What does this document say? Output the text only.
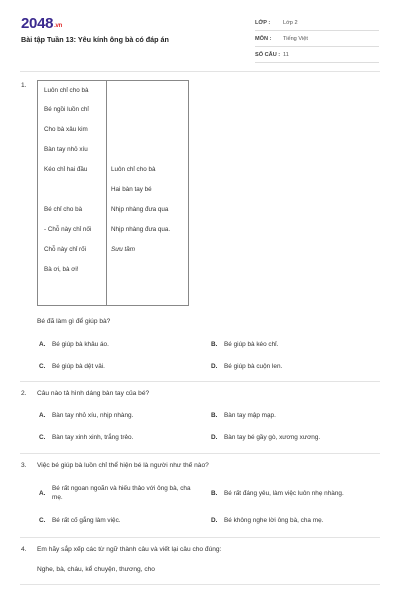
2048.vn
Bài tập Tuần 13: Yêu kính ông bà có đáp án
LỚP :	Lớp 2
MÔN :	Tiếng Việt
SỐ CÂU : 11
1.
Luôn chỉ cho bà
Bé ngồi luồn chỉ
Cho bà xâu kim
Bàn tay nhỏ xíu
Kéo chỉ hai đầu
Bé chỉ cho bà
- Chỗ này chỉ nối
Chỗ này chỉ rối
Bà ơi, bà ơi!
Luôn chỉ cho bà
Hai bàn tay bé
Nhịp nhàng đưa qua
Nhịp nhàng đưa qua.
Sưu tầm
Bé đã làm gì để giúp bà?
A.	Bé giúp bà khâu áo.	B.	Bé giúp bà kéo chỉ.
C.	Bé giúp bà dệt vải.	D.	Bé giúp bà cuộn len.
2. Câu nào tả hình dáng bàn tay của bé?
A.	Bàn tay nhỏ xíu, nhịp nhàng.	B.	Bàn tay mập mạp.
C.	Bàn tay xinh xinh, trắng trẻo.	D.	Bàn tay bé gầy gò, xương xương.
3. Việc bé giúp bà luồn chỉ thể hiện bé là người như thế nào?
A.
Bé rất ngoan ngoãn và hiếu thảo với ông bà, cha mẹ.
B.	Bé rất đáng yêu, làm việc luôn nhẹ nhàng.
C.	Bé rất cố gắng làm việc.	D.	Bé không nghe lời ông bà, cha mẹ.
4. Em hãy sắp xếp các từ ngữ thành câu và viết lại câu cho đúng:
Nghe, bà, cháu, kể chuyện, thương, cho
